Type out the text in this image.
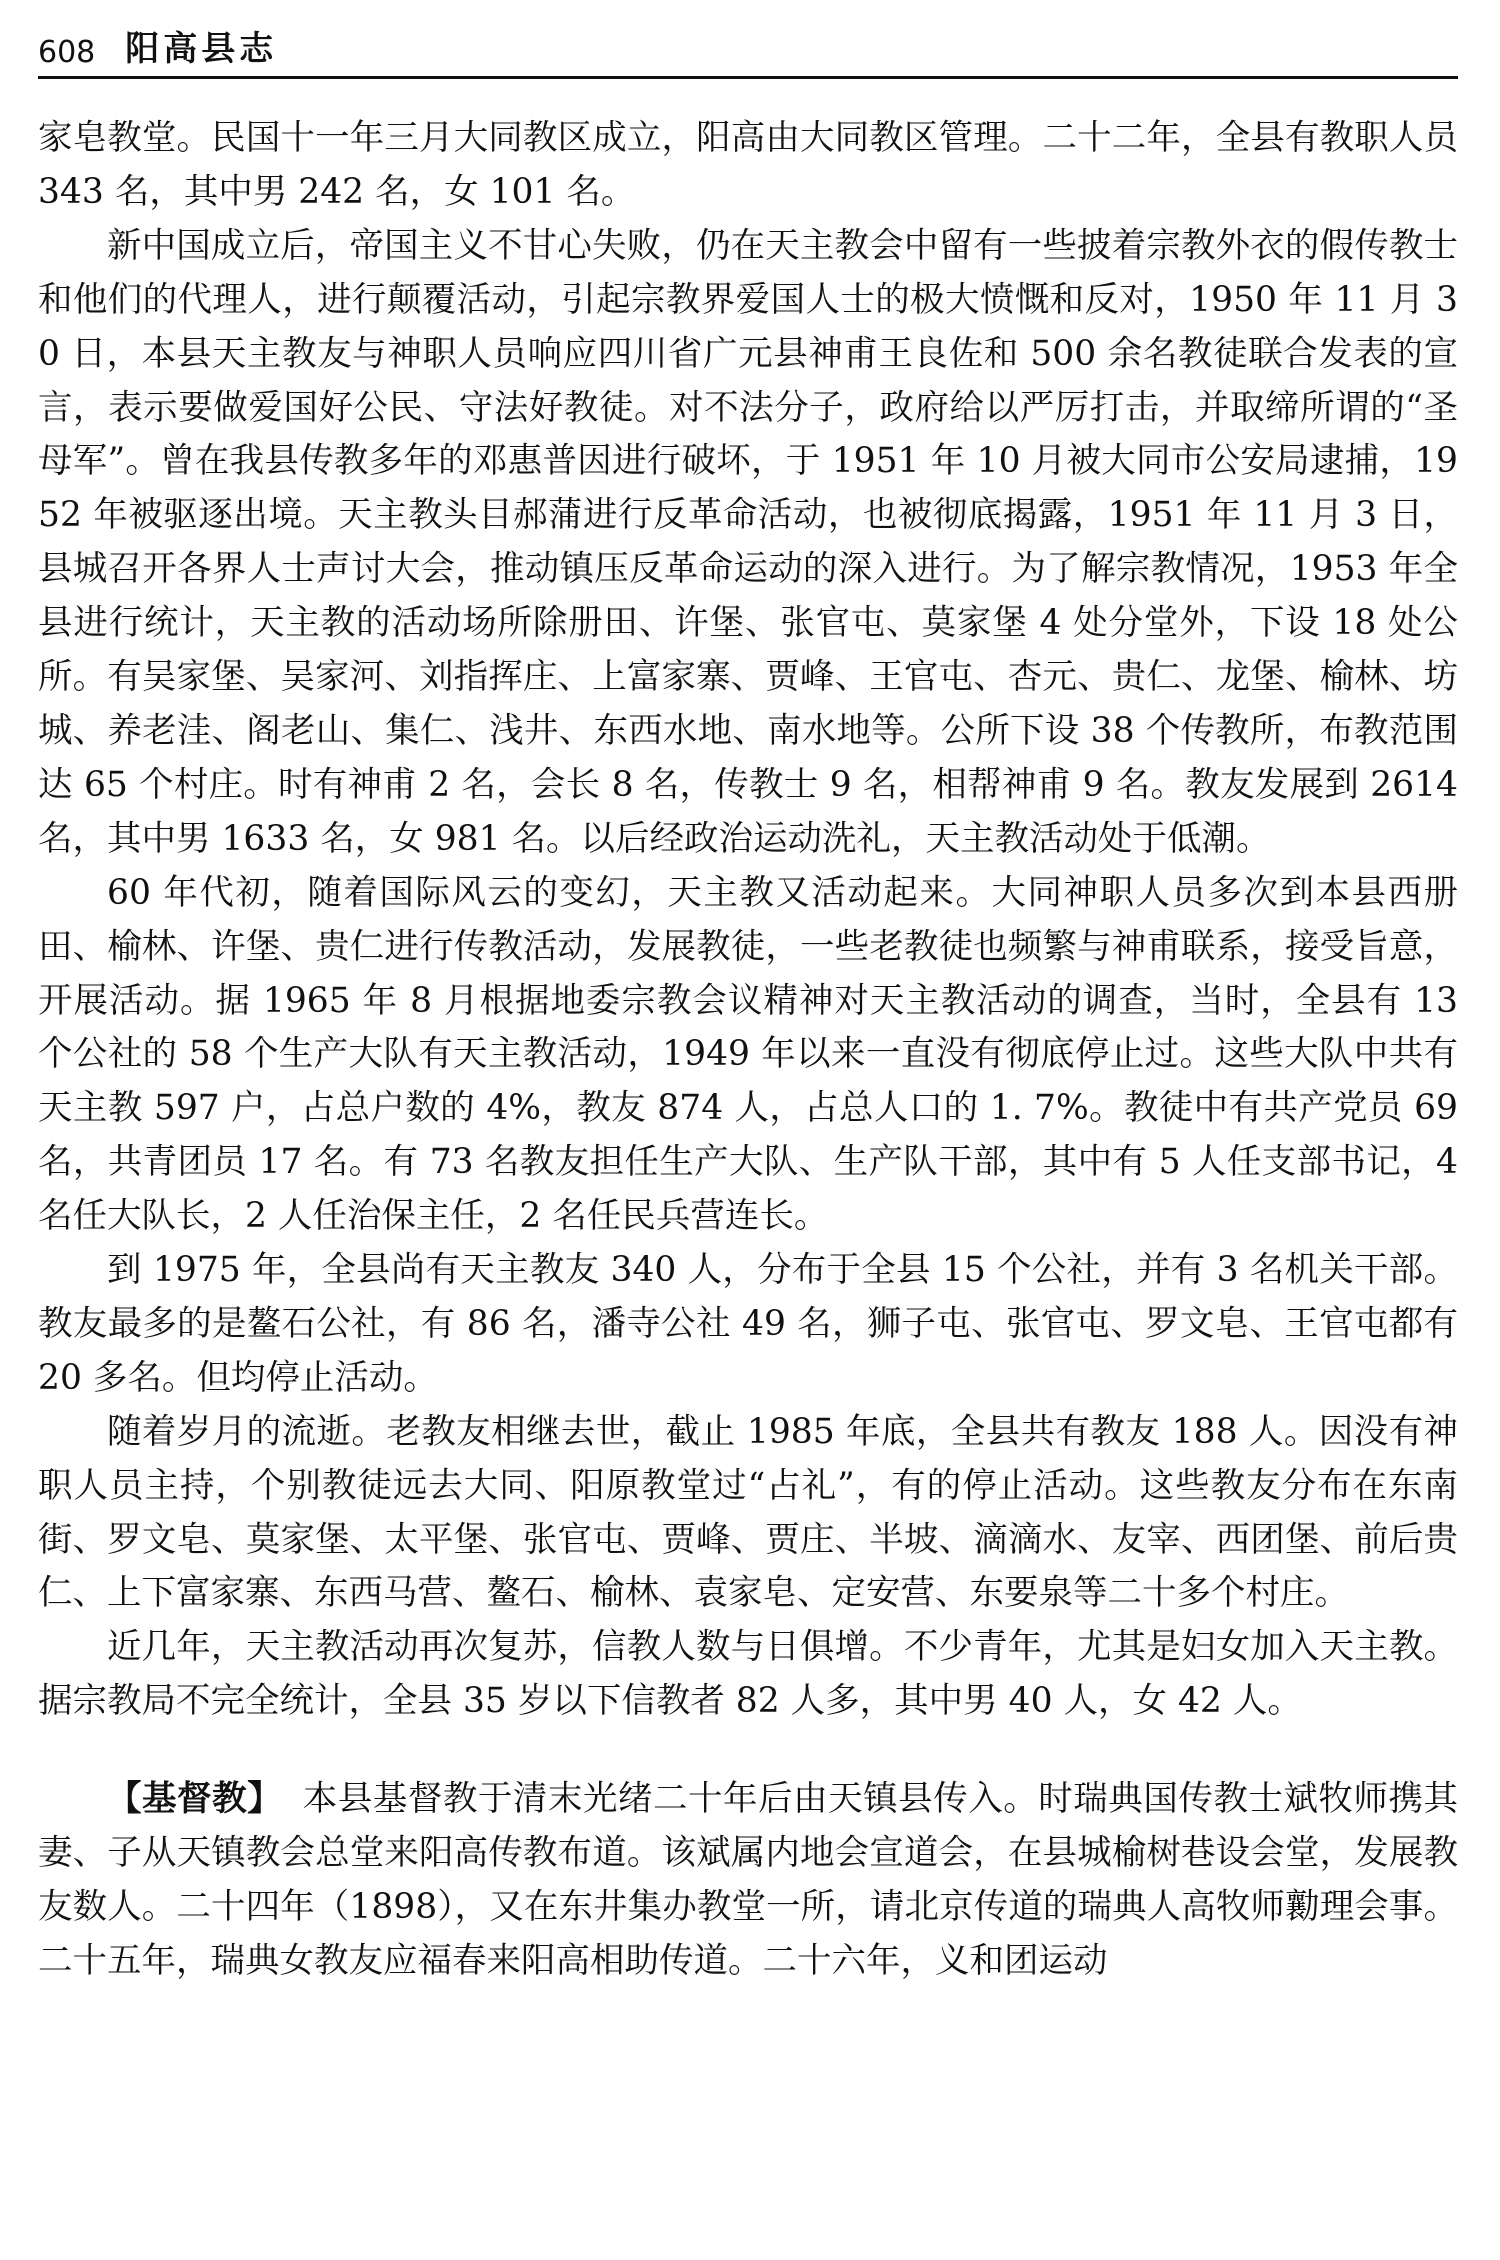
608 阳高县志

家皂教堂。民国十一年三月大同教区成立，阳高由大同教区管理。二十二年，全县有教职人员 343 名，其中男 242 名，女 101 名。

新中国成立后，帝国主义不甘心失败，仍在天主教会中留有一些披着宗教外衣的假传教士和他们的代理人，进行颠覆活动，引起宗教界爱国人士的极大愤慨和反对，1950 年 11 月 30 日，本县天主教友与神职人员响应四川省广元县神甫王良佐和 500 余名教徒联合发表的宣言，表示要做爱国好公民、守法好教徒。对不法分子，政府给以严厉打击，并取缔所谓的“圣母军”。曾在我县传教多年的邓惠普因进行破坏，于 1951 年 10 月被大同市公安局逮捕，1952 年被驱逐出境。天主教头目郝蒲进行反革命活动，也被彻底揭露，1951 年 11 月 3 日，县城召开各界人士声讨大会，推动镇压反革命运动的深入进行。为了解宗教情况，1953 年全县进行统计，天主教的活动场所除册田、许堡、张官屯、莫家堡 4 处分堂外，下设 18 处公所。有吴家堡、吴家河、刘指挥庄、上富家寨、贾峰、王官屯、杏元、贵仁、龙堡、榆林、坊城、养老洼、阁老山、集仁、浅井、东西水地、南水地等。公所下设 38 个传教所，布教范围达 65 个村庄。时有神甫 2 名，会长 8 名，传教士 9 名，相帮神甫 9 名。教友发展到 2614 名，其中男 1633 名，女 981 名。以后经政治运动洗礼，天主教活动处于低潮。

60 年代初，随着国际风云的变幻，天主教又活动起来。大同神职人员多次到本县西册田、榆林、许堡、贵仁进行传教活动，发展教徒，一些老教徒也频繁与神甫联系，接受旨意，开展活动。据 1965 年 8 月根据地委宗教会议精神对天主教活动的调查，当时，全县有 13 个公社的 58 个生产大队有天主教活动，1949 年以来一直没有彻底停止过。这些大队中共有天主教 597 户，占总户数的 4%，教友 874 人，占总人口的 1. 7%。教徒中有共产党员 69 名，共青团员 17 名。有 73 名教友担任生产大队、生产队干部，其中有 5 人任支部书记，4 名任大队长，2 人任治保主任，2 名任民兵营连长。

到 1975 年，全县尚有天主教友 340 人，分布于全县 15 个公社，并有 3 名机关干部。教友最多的是鳌石公社，有 86 名，潘寺公社 49 名，狮子屯、张官屯、罗文皂、王官屯都有 20 多名。但均停止活动。

随着岁月的流逝。老教友相继去世，截止 1985 年底，全县共有教友 188 人。因没有神职人员主持，个别教徒远去大同、阳原教堂过“占礼”，有的停止活动。这些教友分布在东南街、罗文皂、莫家堡、太平堡、张官屯、贾峰、贾庄、半坡、滴滴水、友宰、西团堡、前后贵仁、上下富家寨、东西马营、鳌石、榆林、袁家皂、定安营、东要泉等二十多个村庄。

近几年，天主教活动再次复苏，信教人数与日俱增。不少青年，尤其是妇女加入天主教。据宗教局不完全统计，全县 35 岁以下信教者 82 人多，其中男 40 人，女 42 人。

【基督教】 本县基督教于清末光绪二十年后由天镇县传入。时瑞典国传教士斌牧师携其妻、子从天镇教会总堂来阳高传教布道。该斌属内地会宣道会，在县城榆树巷设会堂，发展教友数人。二十四年（1898），又在东井集办教堂一所，请北京传道的瑞典人高牧师勷理会事。二十五年，瑞典女教友应福春来阳高相助传道。二十六年，义和团运动
